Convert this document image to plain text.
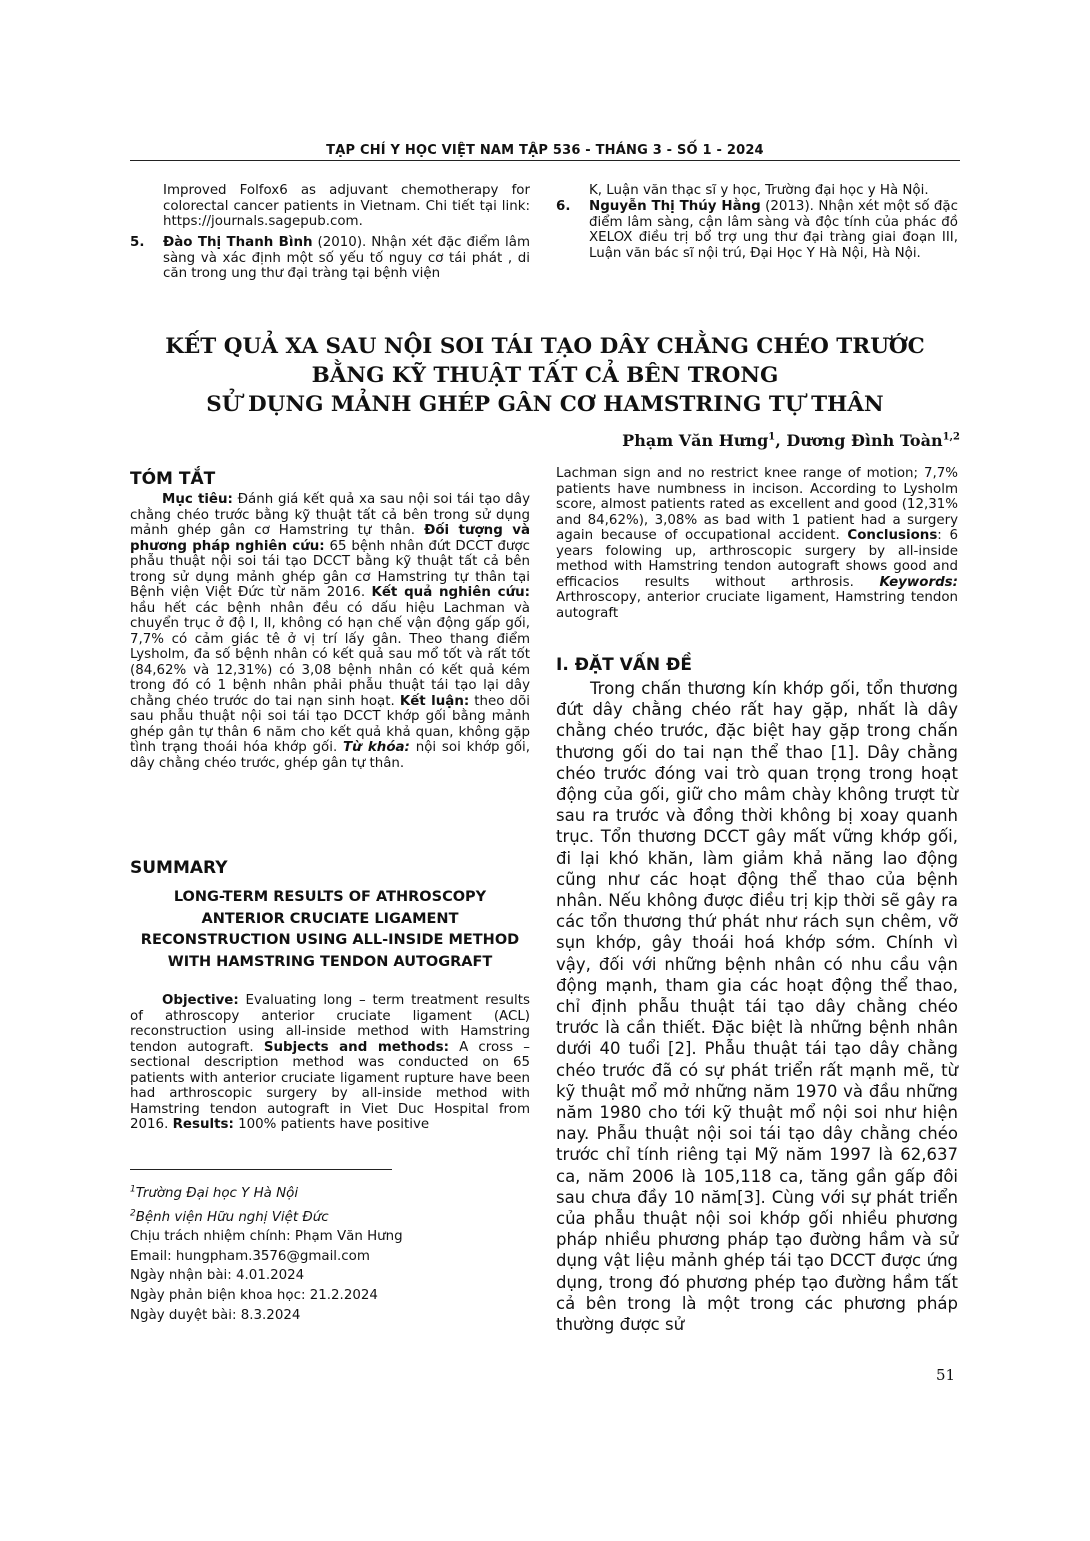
TẠP CHÍ Y HỌC VIỆT NAM TẬP 536 - THÁNG 3 - SỐ 1 - 2024
Improved Folfox6 as adjuvant chemotherapy for colorectal cancer patients in Vietnam. Chi tiết tại link: https://journals.sagepub.com.
5. Đào Thị Thanh Bình (2010). Nhận xét đặc điểm lâm sàng và xác định một số yếu tố nguy cơ tái phát , di căn trong ung thư đại tràng tại bệnh viện
K, Luận văn thạc sĩ y học, Trường đại học y Hà Nội.
6. Nguyễn Thị Thúy Hằng (2013). Nhận xét một số đặc điểm lâm sàng, cận lâm sàng và độc tính của phác đồ XELOX điều trị bổ trợ ung thư đại tràng giai đoạn III, Luận văn bác sĩ nội trú, Đại Học Y Hà Nội, Hà Nội.
KẾT QUẢ XA SAU NỘI SOI TÁI TẠO DÂY CHẰNG CHÉO TRƯỚC
BẰNG KỸ THUẬT TẤT CẢ BÊN TRONG
SỬ DỤNG MẢNH GHÉP GÂN CƠ HAMSTRING TỰ THÂN
Phạm Văn Hưng$^1$, Dương Đình Toàn$^{1,2}$
TÓM TẮT

Mục tiêu: Đánh giá kết quả xa sau nội soi tái tạo dây chằng chéo trước bằng kỹ thuật tất cả bên trong sử dụng mảnh ghép gân cơ Hamstring tự thân. Đối tượng và phương pháp nghiên cứu: 65 bệnh nhân đứt DCCT được phẫu thuật nội soi tái tạo DCCT bằng kỹ thuật tất cả bên trong sử dụng mảnh ghép gân cơ Hamstring tự thân tại Bệnh viện Việt Đức từ năm 2016. Kết quả nghiên cứu: hầu hết các bệnh nhân đều có dấu hiệu Lachman và chuyển trục ở độ I, II, không có hạn chế vận động gấp gối, 7,7% có cảm giác tê ở vị trí lấy gân. Theo thang điểm Lysholm, đa số bệnh nhân có kết quả sau mổ tốt và rất tốt (84,62% và 12,31%) có 3,08 bệnh nhân có kết quả kém trong đó có 1 bệnh nhân phải phẫu thuật tái tạo lại dây chằng chéo trước do tai nạn sinh hoạt. Kết luận: theo dõi sau phẫu thuật nội soi tái tạo DCCT khớp gối bằng mảnh ghép gân tự thân 6 năm cho kết quả khả quan, không gặp tình trạng thoái hóa khớp gối. Từ khóa: nội soi khớp gối, dây chằng chéo trước, ghép gân tự thân.

SUMMARY
LONG-TERM RESULTS OF ATHROSCOPY ANTERIOR CRUCIATE LIGAMENT RECONSTRUCTION USING ALL-INSIDE METHOD WITH HAMSTRING TENDON AUTOGRAFT

Objective: Evaluating long – term treatment results of athroscopy anterior cruciate ligament (ACL) reconstruction using all-inside method with Hamstring tendon autograft. Subjects and methods: A cross – sectional description method was conducted on 65 patients with anterior cruciate ligament rupture have been had arthroscopic surgery by all-inside method with Hamstring tendon autograft in Viet Duc Hospital from 2016. Results: 100% patients have positive

Lachman sign and no restrict knee range of motion; 7,7% patients have numbness in incison. According to Lysholm score, almost patients rated as excellent and good (12,31% and 84,62%), 3,08% as bad with 1 patient had a surgery again because of occupational accident. Conclusions: 6 years folowing up, arthroscopic surgery by all-inside method with Hamstring tendon autograft shows good and efficacios results without arthrosis. Keywords: Arthroscopy, anterior cruciate ligament, Hamstring tendon autograft
$^1$Trường Đại học Y Hà Nội
$^2$Bệnh viện Hữu nghị Việt Đức
Chịu trách nhiệm chính: Phạm Văn Hưng
Email: hungpham.3576@gmail.com
Ngày nhận bài: 4.01.2024
Ngày phản biện khoa học: 21.2.2024
Ngày duyệt bài: 8.3.2024
I. ĐẶT VẤN ĐỀ

Trong chấn thương kín khớp gối, tổn thương đứt dây chằng chéo rất hay gặp, nhất là dây chằng chéo trước, đặc biệt hay gặp trong chấn thương gối do tai nạn thể thao [1]. Dây chằng chéo trước đóng vai trò quan trọng trong hoạt động của gối, giữ cho mâm chày không trượt từ sau ra trước và đồng thời không bị xoay quanh trục. Tổn thương DCCT gây mất vững khớp gối, đi lại khó khăn, làm giảm khả năng lao động cũng như các hoạt động thể thao của bệnh nhân. Nếu không được điều trị kịp thời sẽ gây ra các tổn thương thứ phát như rách sụn chêm, vỡ sụn khớp, gây thoái hoá khớp sớm. Chính vì vậy, đối với những bệnh nhân có nhu cầu vận động mạnh, tham gia các hoạt động thể thao, chỉ định phẫu thuật tái tạo dây chằng chéo trước là cần thiết. Đặc biệt là những bệnh nhân dưới 40 tuổi [2]. Phẫu thuật tái tạo dây chằng chéo trước đã có sự phát triển rất mạnh mẽ, từ kỹ thuật mổ mở những năm 1970 và đầu những năm 1980 cho tới kỹ thuật mổ nội soi như hiện nay. Phẫu thuật nội soi tái tạo dây chằng chéo trước chỉ tính riêng tại Mỹ năm 1997 là 62,637 ca, năm 2006 là 105,118 ca, tăng gần gấp đôi sau chưa đầy 10 năm[3]. Cùng với sự phát triển của phẫu thuật nội soi khớp gối nhiều phương pháp nhiều phương pháp tạo đường hầm và sử dụng vật liệu mảnh ghép tái tạo DCCT được ứng dụng, trong đó phương phép tạo đường hầm tất cả bên trong là một trong các phương pháp thường được sử

51
